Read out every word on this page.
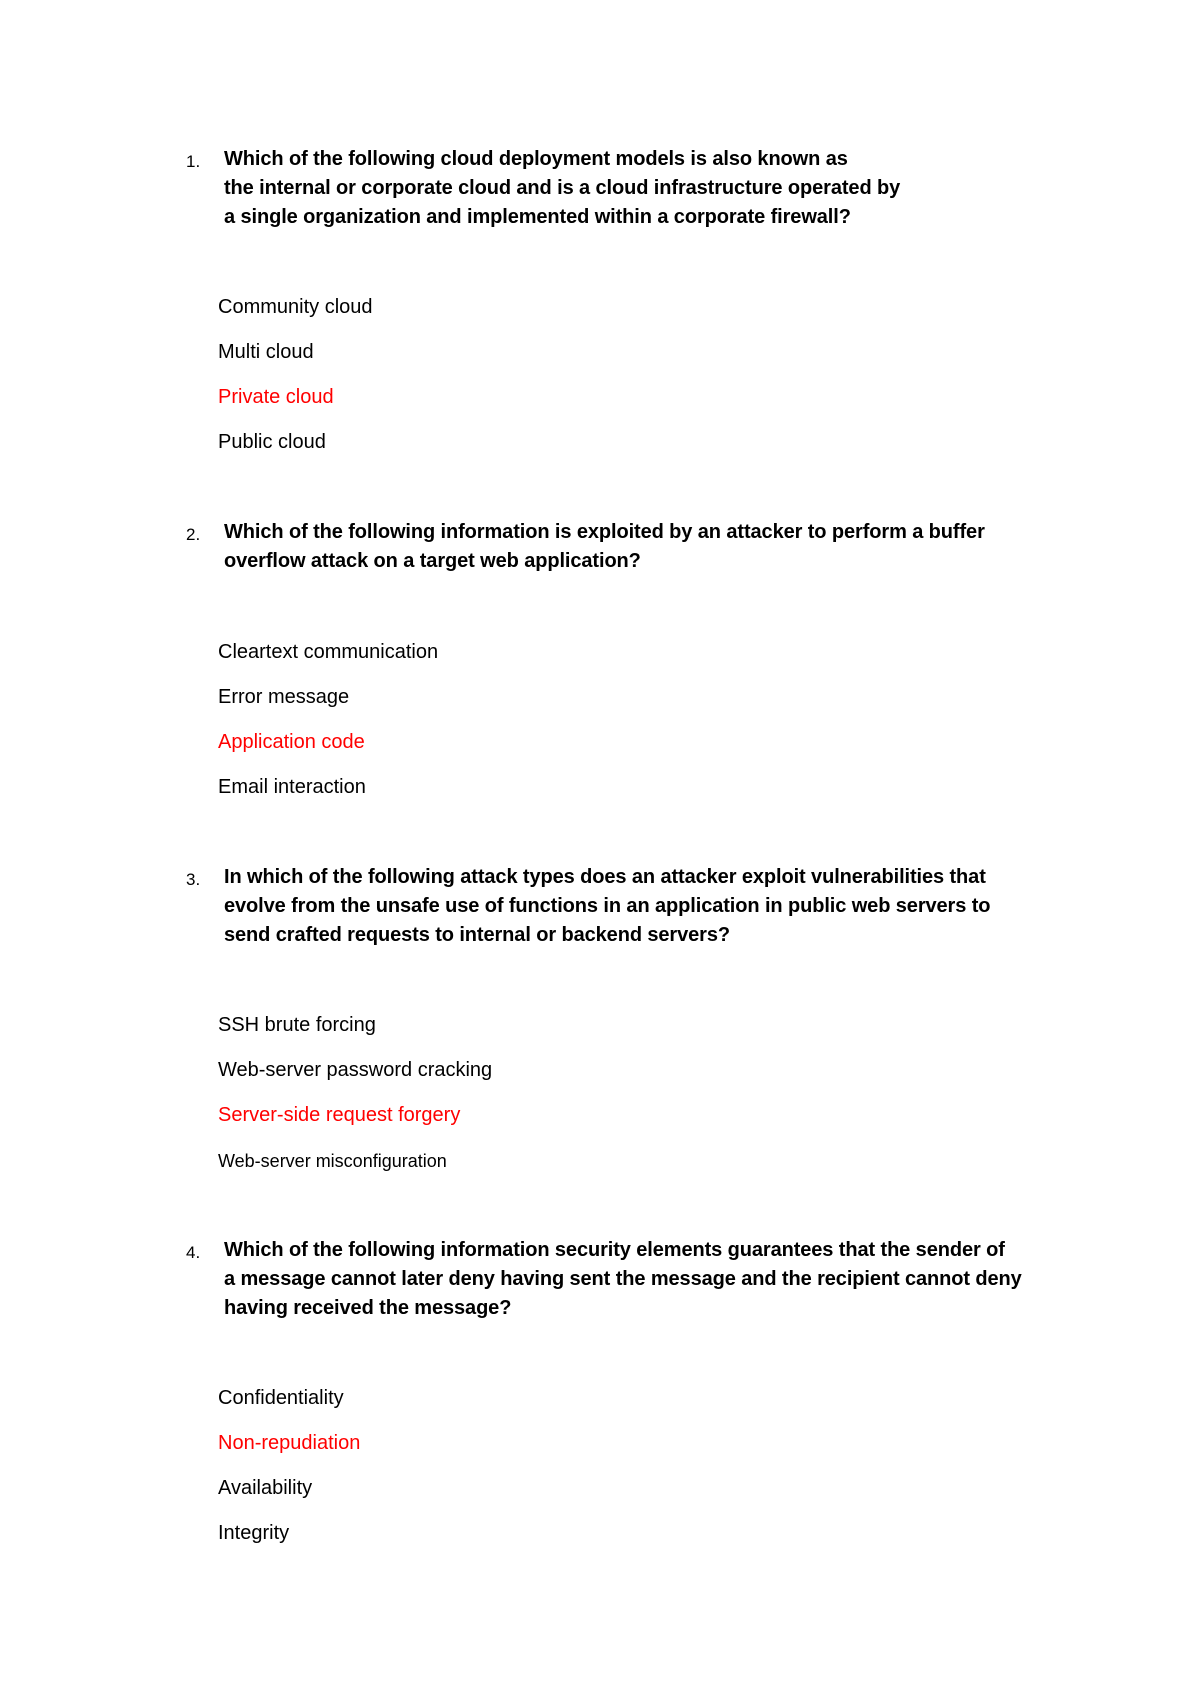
1. Which of the following cloud deployment models is also known as
the internal or corporate cloud and is a cloud infrastructure operated by
a single organization and implemented within a corporate firewall?
Community cloud
Multi cloud
Private cloud
Public cloud
2. Which of the following information is exploited by an attacker to perform a buffer
overflow attack on a target web application?
Cleartext communication
Error message
Application code
Email interaction
3. In which of the following attack types does an attacker exploit vulnerabilities that
evolve from the unsafe use of functions in an application in public web servers to
send crafted requests to internal or backend servers?
SSH brute forcing
Web-server password cracking
Server-side request forgery
Web-server misconfiguration
4. Which of the following information security elements guarantees that the sender of
a message cannot later deny having sent the message and the recipient cannot deny
having received the message?
Confidentiality
Non-repudiation
Availability
Integrity
